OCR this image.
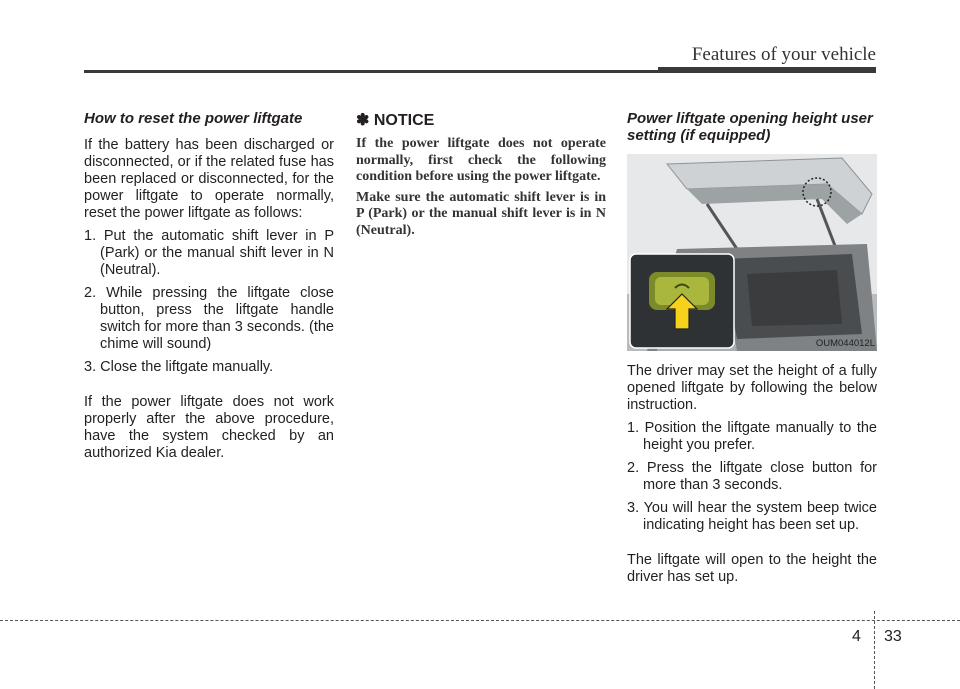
Features of your vehicle
How to reset the power liftgate

If the battery has been discharged or disconnected, or if the related fuse has been replaced or disconnected, for the power liftgate to operate normally, reset the power liftgate as follows:

1. Put the automatic shift lever in P (Park) or the manual shift lever in N (Neutral).
2. While pressing the liftgate close button, press the liftgate handle switch for more than 3 seconds. (the chime will sound)
3. Close the liftgate manually.

If the power liftgate does not work properly after the above procedure, have the system checked by an authorized Kia dealer.

✽ NOTICE

If the power liftgate does not operate normally, first check the following condition before using the power liftgate.

Make sure the automatic shift lever is in P (Park) or the manual shift lever is in N (Neutral).

Power liftgate opening height user setting (if equipped)
OUM044012L

The driver may set the height of a fully opened liftgate by following the below instruction.

1. Position the liftgate manually to the height you prefer.
2. Press the liftgate close button for more than 3 seconds.
3. You will hear the system beep twice indicating height has been set up.

The liftgate will open to the height the driver has set up.

4 33
